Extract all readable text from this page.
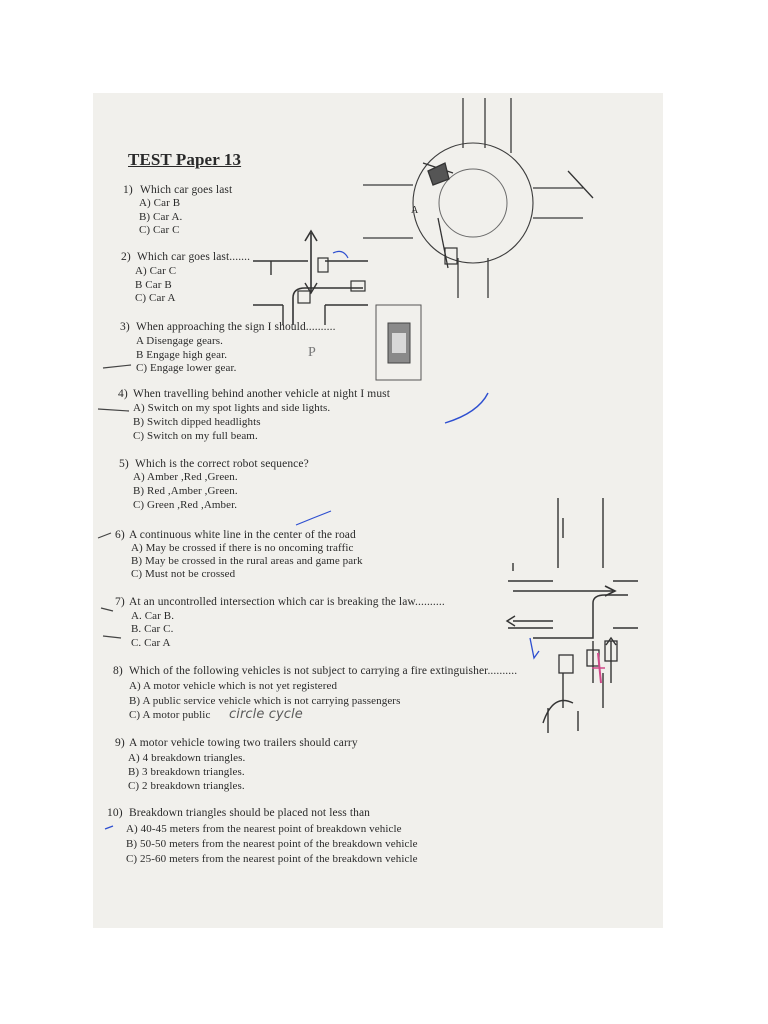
A
P
TEST Paper 13
1) Which car goes last
A) Car B
B) Car A.
C) Car C
2) Which car goes last.......
A) Car C
B Car B
C) Car A
3) When approaching the sign I should..........
A Disengage gears.
B Engage high gear.
C) Engage lower gear.
4) When travelling behind another vehicle at night I must
A) Switch on my spot lights and side lights.
B) Switch dipped headlights
C) Switch on my full beam.
5) Which is the correct robot sequence?
A) Amber ,Red ,Green.
B) Red ,Amber ,Green.
C) Green ,Red ,Amber.
6) A continuous white line in the center of the road
A) May be crossed if there is no oncoming traffic
B) May be crossed in the rural areas and game park
C) Must not be crossed
7) At an uncontrolled intersection which car is breaking the law..........
A. Car B.
B. Car C.
C. Car A
8) Which of the following vehicles is not subject to carrying a fire extinguisher..........
A) A motor vehicle which is not yet registered
B) A public service vehicle which is not carrying passengers
C) A motor public circle cycle
9) A motor vehicle towing two trailers should carry
A) 4 breakdown triangles.
B) 3 breakdown triangles.
C) 2 breakdown triangles.
10) Breakdown triangles should be placed not less than
A) 40-45 meters from the nearest point of breakdown vehicle
B) 50-50 meters from the nearest point of the breakdown vehicle
C) 25-60 meters from the nearest point of the breakdown vehicle
